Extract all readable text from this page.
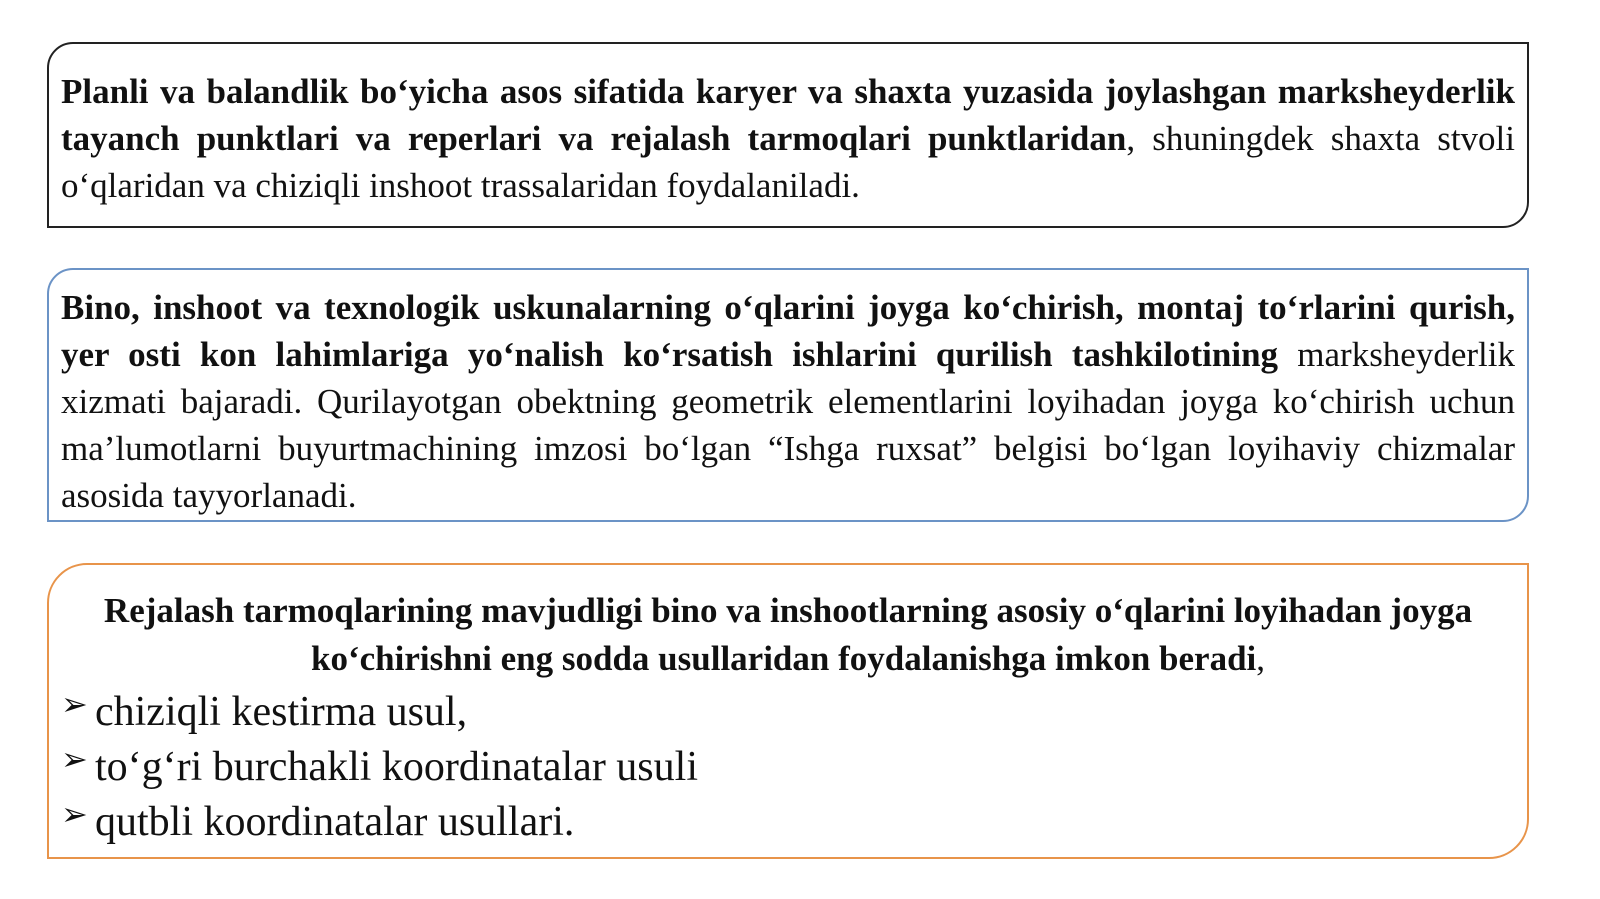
Planli va balandlik bo‘yicha asos sifatida karyer va shaxta yuzasida joylashgan marksheyderlik tayanch punktlari va reperlari va rejalash tarmoqlari punktlaridan, shuningdek shaxta stvoli o‘qlaridan va chiziqli inshoot trassalaridan foydalaniladi.

Bino, inshoot va texnologik uskunalarning o‘qlarini joyga ko‘chirish, montaj to‘rlarini qurish, yer osti kon lahimlariga yo‘nalish ko‘rsatish ishlarini qurilish tashkilotining marksheyderlik xizmati bajaradi. Qurilayotgan obektning geometrik elementlarini loyihadan joyga ko‘chirish uchun ma’lumotlarni buyurtmachining imzosi bo‘lgan “Ishga ruxsat” belgisi bo‘lgan loyihaviy chizmalar asosida tayyorlanadi.

Rejalash tarmoqlarining mavjudligi bino va inshootlarning asosiy o‘qlarini loyihadan joyga ko‘chirishni eng sodda usullaridan foydalanishga imkon beradi,

➢ chiziqli kestirma usul,
➢ to‘g‘ri burchakli koordinatalar usuli
➢ qutbli koordinatalar usullari.
